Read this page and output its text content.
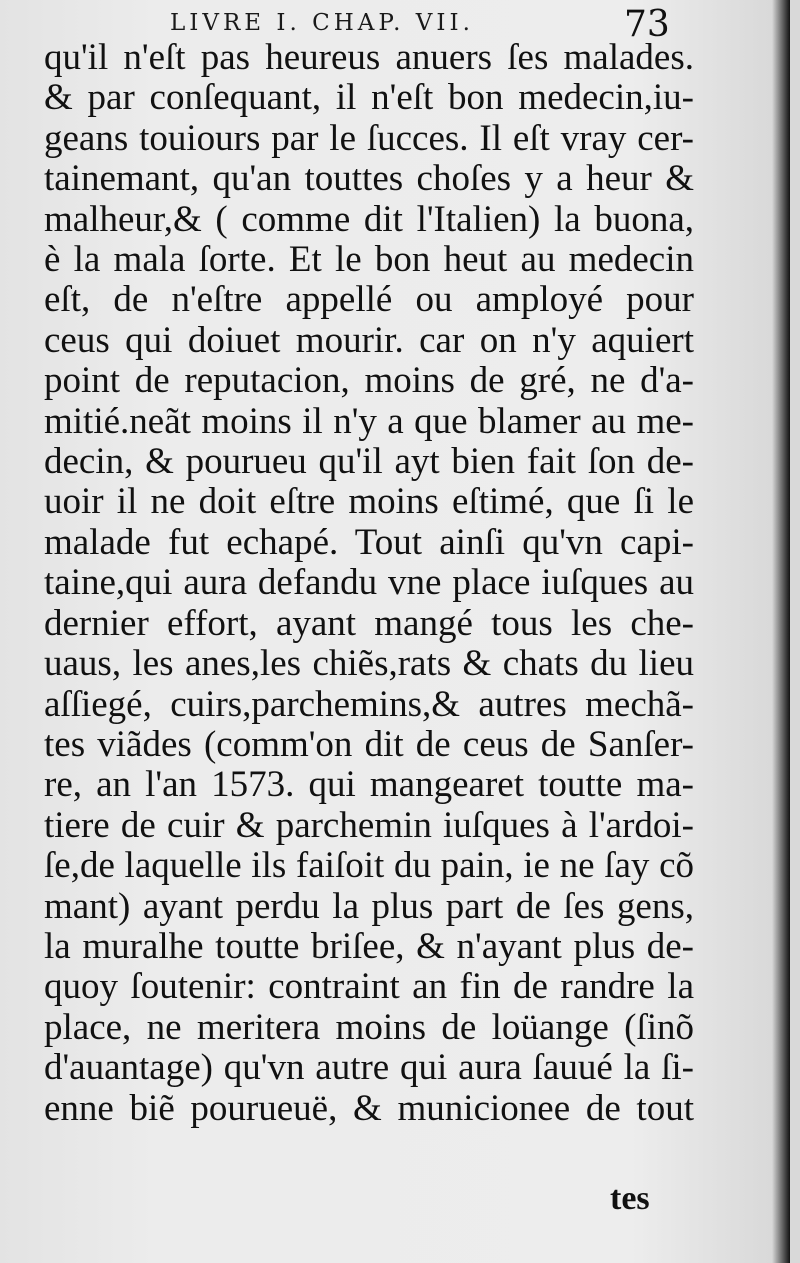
LIVRE I. CHAP. VII.	73
qu'il n'eſt pas heureus anuers ſes malades.
& par conſequant, il n'eſt bon medecin,iu-
geans touiours par le ſucces. Il eſt vray cer-
tainemant, qu'an touttes choſes y a heur &
malheur,& ( comme dit l'Italien) la buona,
è la mala ſorte. Et le bon heut au medecin
eſt, de n'eſtre appellé ou amployé pour
ceus qui doiuet mourir. car on n'y aquiert
point de reputacion, moins de gré, ne d'a-
mitié.neãt moins il n'y a que blamer au me-
decin, & pourueu qu'il ayt bien fait ſon de-
uoir il ne doit eſtre moins eſtimé, que ſi le
malade fut echapé. Tout ainſi qu'vn capi-
taine,qui aura defandu vne place iuſques au
dernier effort, ayant mangé tous les che-
uaus, les anes,les chiẽs,rats & chats du lieu
aſſiegé, cuirs,parchemins,& autres mechã-
tes viãdes (comm'on dit de ceus de Sanſer-
re, an l'an 1573. qui mangearet toutte ma-
tiere de cuir & parchemin iuſques à l'ardoi-
ſe,de laquelle ils faiſoit du pain, ie ne ſay cõ
mant) ayant perdu la plus part de ſes gens,
la muralhe toutte briſee, & n'ayant plus de-
quoy ſoutenir: contraint an fin de randre la
place, ne meritera moins de loüange (ſinõ
d'auantage) qu'vn autre qui aura ſauué la ſi-
enne biẽ pourueuë, & municionee de tout
tes
